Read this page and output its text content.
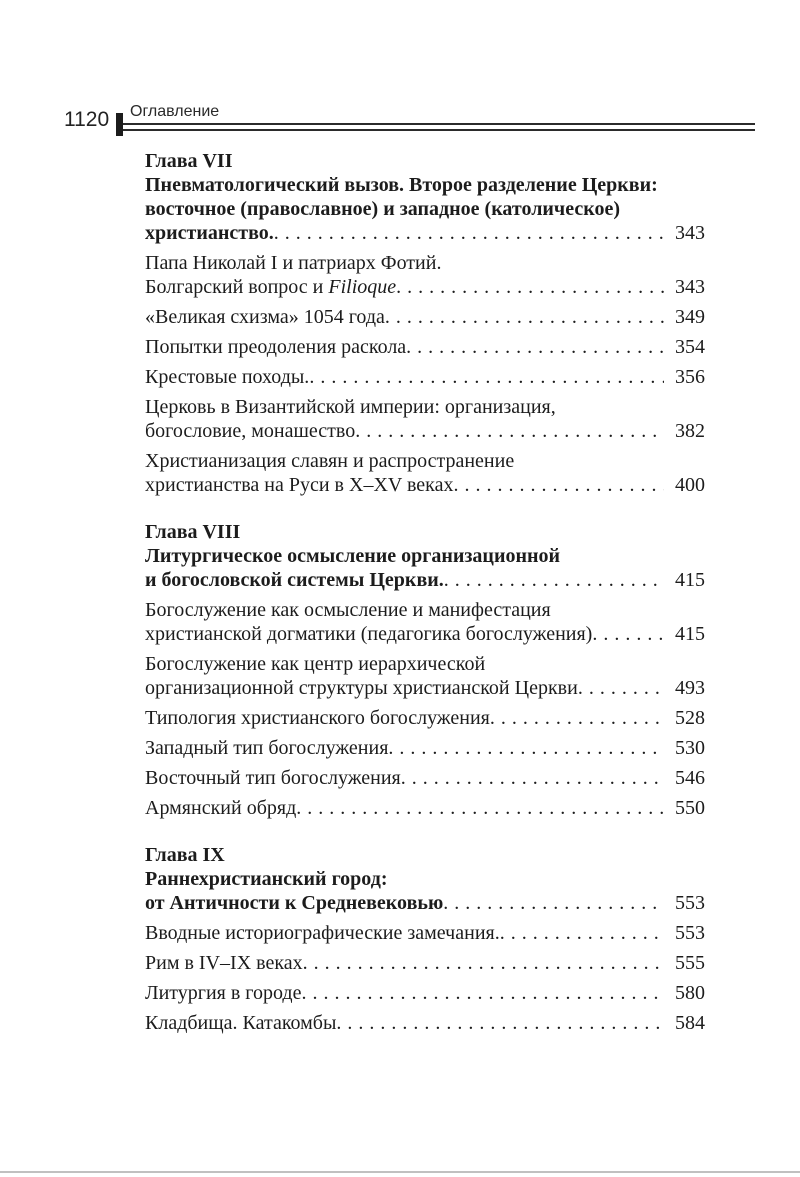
1120 Оглавление
Глава VII
Пневматологический вызов. Второе разделение Церкви:
восточное (православное) и западное (католическое)
христианство. . . .	343
Папа Николай I и патриарх Фотий.
Болгарский вопрос и Filioque . . .	343
«Великая схизма» 1054 года . . .	349
Попытки преодоления раскола . . .	354
Крестовые походы. . . .	356
Церковь в Византийской империи: организация,
богословие, монашество . . .	382
Христианизация славян и распространение
христианства на Руси в X–XV веках . . .	400
Глава VIII
Литургическое осмысление организационной
и богословской системы Церкви. . . .	415
Богослужение как осмысление и манифестация
христианской догматики (педагогика богослужения) . . .	415
Богослужение как центр иерархической
организационной структуры христианской Церкви . . .	493
Типология христианского богослужения . . .	528
Западный тип богослужения . . .	530
Восточный тип богослужения . . .	546
Армянский обряд . . .	550
Глава IX
Раннехристианский город:
от Античности к Средневековью . . .	553
Вводные историографические замечания. . . .	553
Рим в IV–IX веках . . .	555
Литургия в городе . . .	580
Кладбища. Катакомбы . . .	584
